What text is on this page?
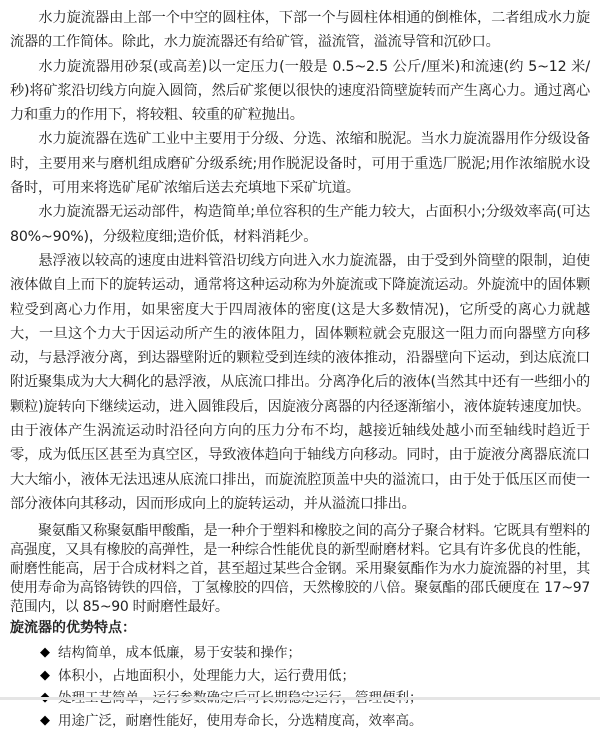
水力旋流器由上部一个中空的圆柱体，下部一个与圆柱体相通的倒椎体，二者组成水力旋流器的工作简体。除此，水力旋流器还有给矿管，溢流管，溢流导管和沉砂口。

水力旋流器用砂泵(或高差)以一定压力(一般是 0.5~2.5 公斤/厘米)和流速(约 5~12 米/秒)将矿浆沿切线方向旋入圆筒，然后矿浆便以很快的速度沿筒壁旋转而产生离心力。通过离心力和重力的作用下，将较粗、较重的矿粒抛出。

水力旋流器在选矿工业中主要用于分级、分选、浓缩和脱泥。当水力旋流器用作分级设备时，主要用来与磨机组成磨矿分级系统;用作脱泥设备时，可用于重选厂脱泥;用作浓缩脱水设备时，可用来将选矿尾矿浓缩后送去充填地下采矿坑道。

水力旋流器无运动部件，构造简单;单位容积的生产能力较大，占面积小;分级效率高(可达 80%~90%)，分级粒度细;造价低，材料消耗少。

悬浮液以较高的速度由进料管沿切线方向进入水力旋流器，由于受到外筒壁的限制，迫使液体做自上而下的旋转运动，通常将这种运动称为外旋流或下降旋流运动。外旋流中的固体颗粒受到离心力作用，如果密度大于四周液体的密度(这是大多数情况)，它所受的离心力就越大，一旦这个力大于因运动所产生的液体阻力，固体颗粒就会克服这一阻力而向器壁方向移动，与悬浮液分离，到达器壁附近的颗粒受到连续的液体推动，沿器壁向下运动，到达底流口附近聚集成为大大稠化的悬浮液，从底流口排出。分离净化后的液体(当然其中还有一些细小的颗粒)旋转向下继续运动，进入圆锥段后，因旋液分离器的内径逐渐缩小，液体旋转速度加快。由于液体产生涡流运动时沿径向方向的压力分布不均，越接近轴线处越小而至轴线时趋近于零，成为低压区甚至为真空区，导致液体趋向于轴线方向移动。同时，由于旋液分离器底流口大大缩小，液体无法迅速从底流口排出，而旋流腔顶盖中央的溢流口，由于处于低压区而使一部分液体向其移动，因而形成向上的旋转运动，并从溢流口排出。

聚氨酯又称聚氨酯甲酸酯，是一种介于塑料和橡胶之间的高分子聚合材料。它既具有塑料的高强度，又具有橡胶的高弹性，是一种综合性能优良的新型耐磨材料。它具有许多优良的性能，耐磨性能高，居于合成材料之首，甚至超过某些合金钢。采用聚氨酯作为水力旋流器的衬里，其使用寿命为高铬铸铁的四倍，丁氢橡胶的四倍，天然橡胶的八倍。聚氨酯的邵氏硬度在 17~97 范围内，以 85~90 时耐磨性最好。

旋流器的优势特点：
◆ 结构简单，成本低廉，易于安装和操作；
◆ 体积小，占地面积小，处理能力大，运行费用低；
◆ 用途广泛，耐磨性能好，使用寿命长，分选精度高，效率高。
